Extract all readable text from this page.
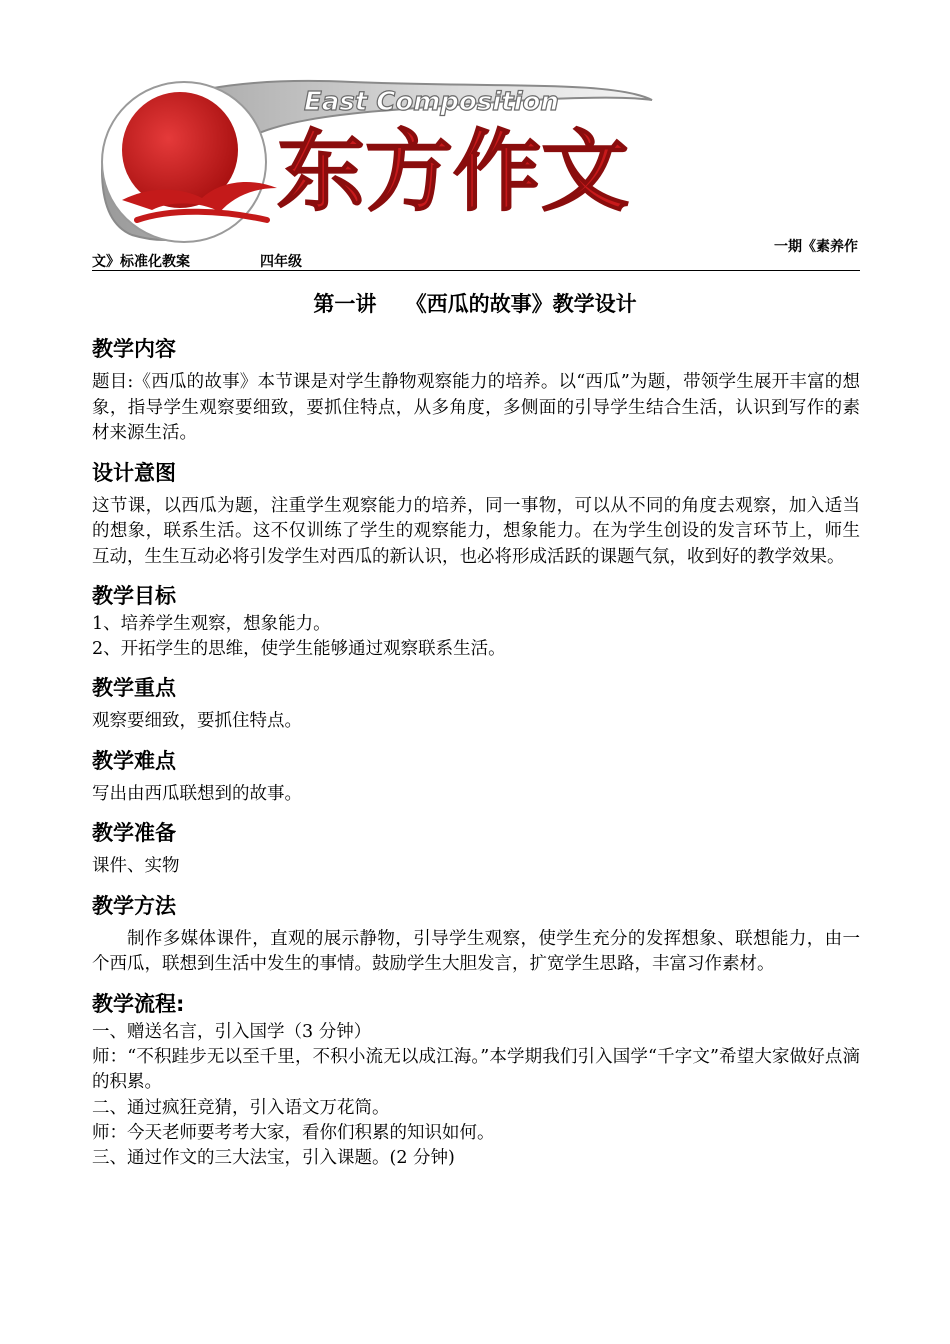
East Composition
东方作文
一期《素养作
文》标准化教案	四年级
第一讲    《西瓜的故事》教学设计
教学内容

题目:《西瓜的故事》本节课是对学生静物观察能力的培养。以“西瓜”为题，带领学生展开丰富的想象，指导学生观察要细致，要抓住特点，从多角度，多侧面的引导学生结合生活，认识到写作的素材来源生活。

设计意图

这节课，以西瓜为题，注重学生观察能力的培养，同一事物，可以从不同的角度去观察，加入适当的想象，联系生活。这不仅训练了学生的观察能力，想象能力。在为学生创设的发言环节上，师生互动，生生互动必将引发学生对西瓜的新认识，也必将形成活跃的课题气氛，收到好的教学效果。

教学目标

1、培养学生观察，想象能力。

2、开拓学生的思维，使学生能够通过观察联系生活。

教学重点

观察要细致，要抓住特点。

教学难点

写出由西瓜联想到的故事。

教学准备

课件、实物

教学方法

制作多媒体课件，直观的展示静物，引导学生观察，使学生充分的发挥想象、联想能力，由一个西瓜，联想到生活中发生的事情。鼓励学生大胆发言，扩宽学生思路，丰富习作素材。

教学流程:

一、赠送名言，引入国学（3 分钟）

师：“不积跬步无以至千里，不积小流无以成江海。”本学期我们引入国学“千字文”希望大家做好点滴的积累。

二、通过疯狂竞猜，引入语文万花筒。

师：今天老师要考考大家，看你们积累的知识如何。

三、通过作文的三大法宝，引入课题。(2 分钟)
